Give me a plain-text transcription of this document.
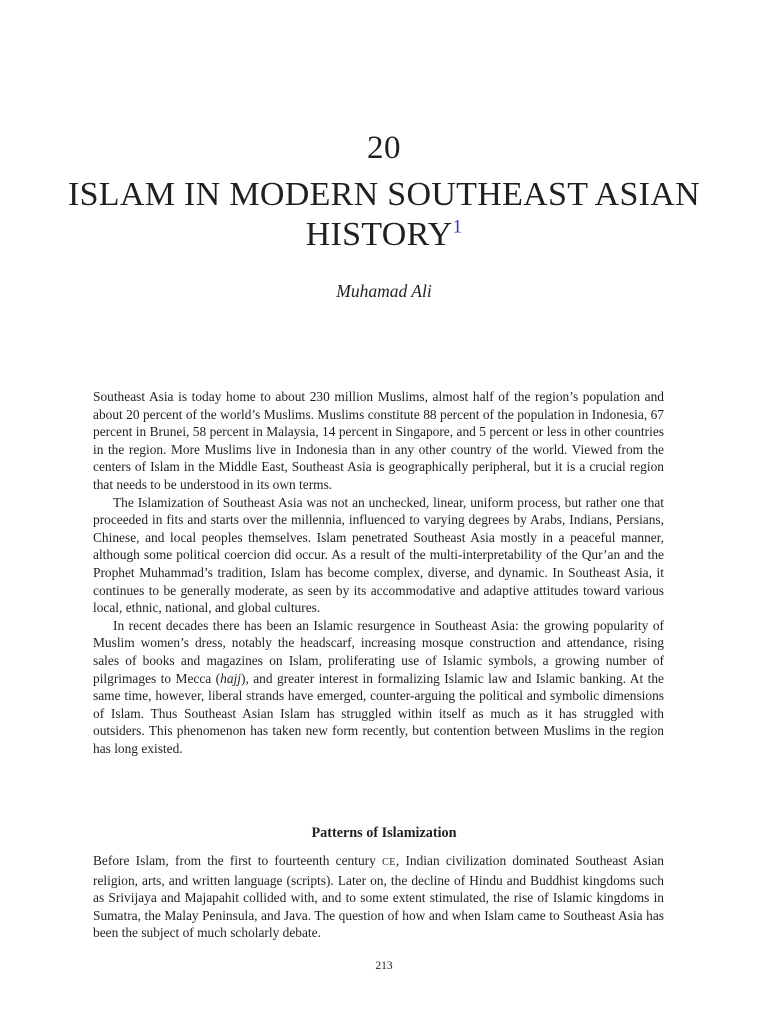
20
ISLAM IN MODERN SOUTHEAST ASIAN HISTORY$^1$
Muhamad Ali

Southeast Asia is today home to about 230 million Muslims, almost half of the region’s population and about 20 percent of the world’s Muslims. Muslims constitute 88 percent of the population in Indonesia, 67 percent in Brunei, 58 percent in Malaysia, 14 percent in Singapore, and 5 percent or less in other countries in the region. More Muslims live in Indonesia than in any other country of the world. Viewed from the centers of Islam in the Middle East, Southeast Asia is geographically peripheral, but it is a crucial region that needs to be understood in its own terms.

The Islamization of Southeast Asia was not an unchecked, linear, uniform process, but rather one that proceeded in fits and starts over the millennia, influenced to varying degrees by Arabs, Indians, Persians, Chinese, and local peoples themselves. Islam penetrated Southeast Asia mostly in a peaceful manner, although some political coercion did occur. As a result of the multi-interpretability of the Qur’an and the Prophet Muhammad’s tradition, Islam has become complex, diverse, and dynamic. In Southeast Asia, it continues to be generally moderate, as seen by its accommodative and adaptive attitudes toward various local, ethnic, national, and global cultures.

In recent decades there has been an Islamic resurgence in Southeast Asia: the growing popularity of Muslim women’s dress, notably the headscarf, increasing mosque construction and attendance, rising sales of books and magazines on Islam, proliferating use of Islamic symbols, a growing number of pilgrimages to Mecca (hajj), and greater interest in formalizing Islamic law and Islamic banking. At the same time, however, liberal strands have emerged, counter-arguing the political and symbolic dimensions of Islam. Thus Southeast Asian Islam has struggled within itself as much as it has struggled with outsiders. This phenomenon has taken new form recently, but contention between Muslims in the region has long existed.

Patterns of Islamization

Before Islam, from the first to fourteenth century CE, Indian civilization dominated Southeast Asian religion, arts, and written language (scripts). Later on, the decline of Hindu and Buddhist kingdoms such as Srivijaya and Majapahit collided with, and to some extent stimulated, the rise of Islamic kingdoms in Sumatra, the Malay Peninsula, and Java. The question of how and when Islam came to Southeast Asia has been the subject of much scholarly debate.

213
